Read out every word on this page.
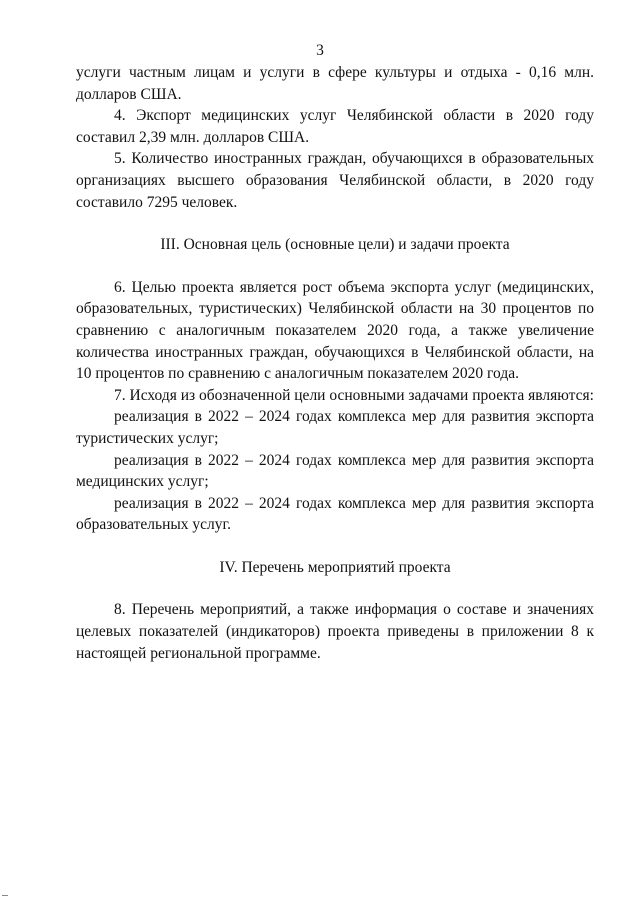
3

услуги частным лицам и услуги в сфере культуры и отдыха - 0,16 млн. долларов США.

4. Экспорт медицинских услуг Челябинской области в 2020 году составил 2,39 млн. долларов США.

5. Количество иностранных граждан, обучающихся в образовательных организациях высшего образования Челябинской области, в 2020 году составило 7295 человек.

III. Основная цель (основные цели) и задачи проекта

6. Целью проекта является рост объема экспорта услуг (медицинских, образовательных, туристических) Челябинской области на 30 процентов по сравнению с аналогичным показателем 2020 года, а также увеличение количества иностранных граждан, обучающихся в Челябинской области, на 10 процентов по сравнению с аналогичным показателем 2020 года.

7. Исходя из обозначенной цели основными задачами проекта являются:

реализация в 2022 – 2024 годах комплекса мер для развития экспорта туристических услуг;

реализация в 2022 – 2024 годах комплекса мер для развития экспорта медицинских услуг;

реализация в 2022 – 2024 годах комплекса мер для развития экспорта образовательных услуг.

IV. Перечень мероприятий проекта

8. Перечень мероприятий, а также информация о составе и значениях целевых показателей (индикаторов) проекта приведены в приложении 8 к настоящей региональной программе.
